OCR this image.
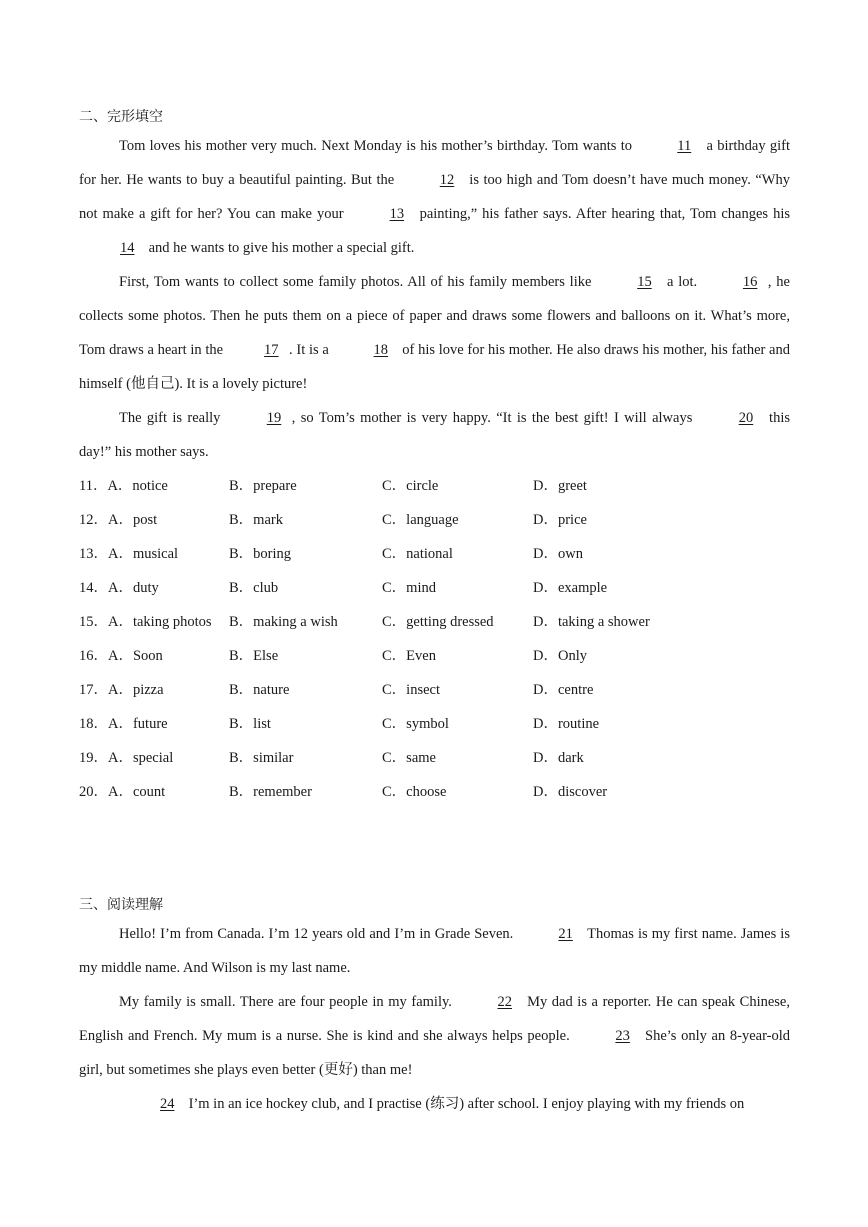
二、完形填空

Tom loves his mother very much. Next Monday is his mother’s birthday. Tom wants to	11 a birthday gift for her. He wants to buy a beautiful painting. But the	12 is too high and Tom doesn’t have much money. “Why not make a gift for her? You can make your	13 painting,” his father says. After hearing that, Tom changes his 14 and he wants to give his mother a special gift.

First, Tom wants to collect some family photos. All of his family members like	15 a lot.	16 , he collects some photos. Then he puts them on a piece of paper and draws some flowers and balloons on it. What’s more, Tom draws a heart in the	17 . It is a	18 of his love for his mother. He also draws his mother, his father and himself (他自己). It is a lovely picture!

The gift is really	19 , so Tom’s mother is very happy. “It is the best gift! I will always	20 this day!” his mother says.

11．A．notice	B．prepare	C．circle	D．greet
12．A．post	B．mark	C．language	D．price
13．A．musical	B．boring	C．national	D．own
14．A．duty	B．club	C．mind	D．example
15．A．taking photos	B．making a wish	C．getting dressed	D．taking a shower
16．A．Soon	B．Else	C．Even	D．Only
17．A．pizza	B．nature	C．insect	D．centre
18．A．future	B．list	C．symbol	D．routine
19．A．special	B．similar	C．same	D．dark
20．A．count	B．remember	C．choose	D．discover
三、阅读理解

Hello! I’m from Canada. I’m 12 years old and I’m in Grade Seven.	21 Thomas is my first name. James is my middle name. And Wilson is my last name.

My family is small. There are four people in my family.	22 My dad is a reporter. He can speak Chinese, English and French. My mum is a nurse. She is kind and she always helps people.	23 She’s only an 8-year-old girl, but sometimes she plays even better (更好) than me!

24 I’m in an ice hockey club, and I practise (练习) after school. I enjoy playing with my friends on
